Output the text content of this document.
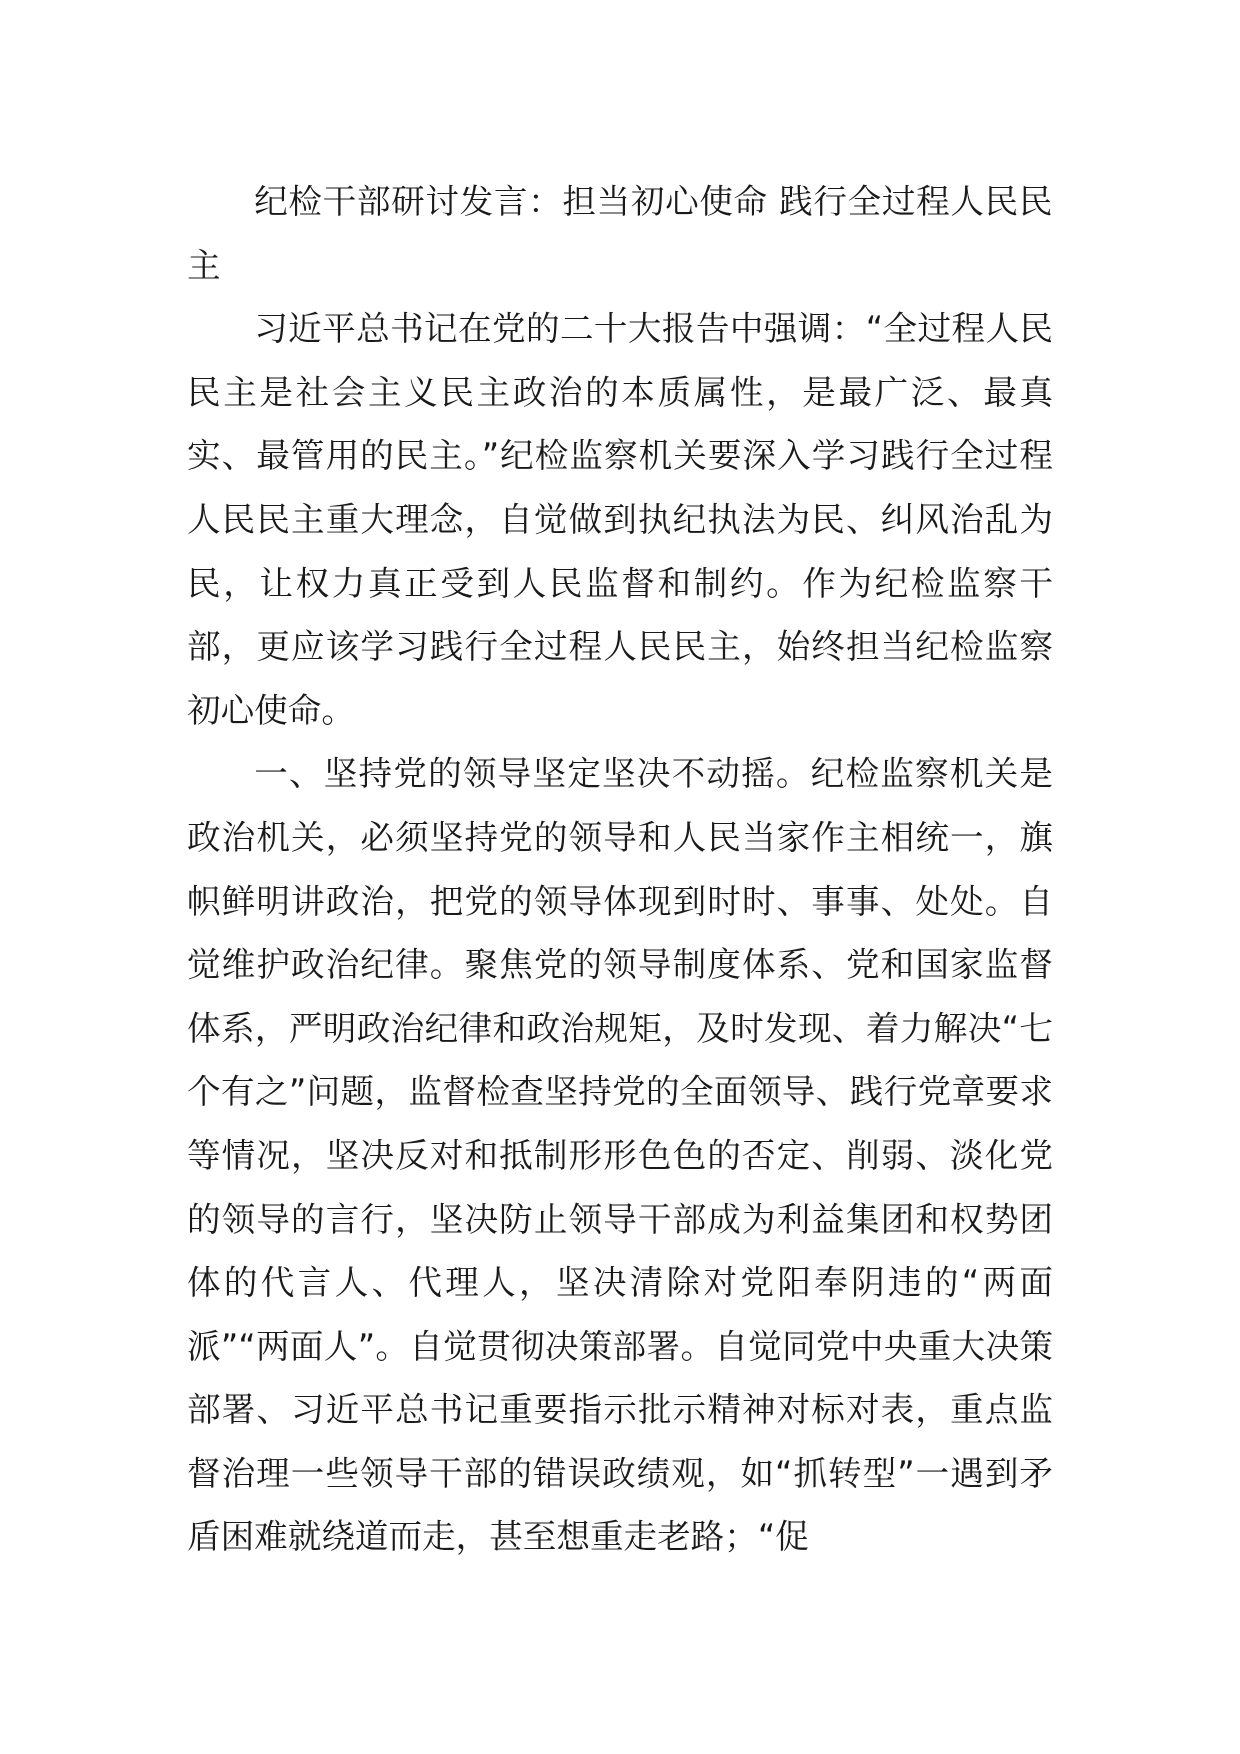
纪检干部研讨发言：担当初心使命 践行全过程人民民主

习近平总书记在党的二十大报告中强调：“全过程人民民主是社会主义民主政治的本质属性，是最广泛、最真实、最管用的民主。”纪检监察机关要深入学习践行全过程人民民主重大理念，自觉做到执纪执法为民、纠风治乱为民，让权力真正受到人民监督和制约。作为纪检监察干部，更应该学习践行全过程人民民主，始终担当纪检监察初心使命。

一、坚持党的领导坚定坚决不动摇。纪检监察机关是政治机关，必须坚持党的领导和人民当家作主相统一，旗帜鲜明讲政治，把党的领导体现到时时、事事、处处。自觉维护政治纪律。聚焦党的领导制度体系、党和国家监督体系，严明政治纪律和政治规矩，及时发现、着力解决“七个有之”问题，监督检查坚持党的全面领导、践行党章要求等情况，坚决反对和抵制形形色色的否定、削弱、淡化党的领导的言行，坚决防止领导干部成为利益集团和权势团体的代言人、代理人，坚决清除对党阳奉阴违的“两面派”“两面人”。自觉贯彻决策部署。自觉同党中央重大决策部署、习近平总书记重要指示批示精神对标对表，重点监督治理一些领导干部的错误政绩观，如“抓转型”一遇到矛盾困难就绕道而走，甚至想重走老路；“促
